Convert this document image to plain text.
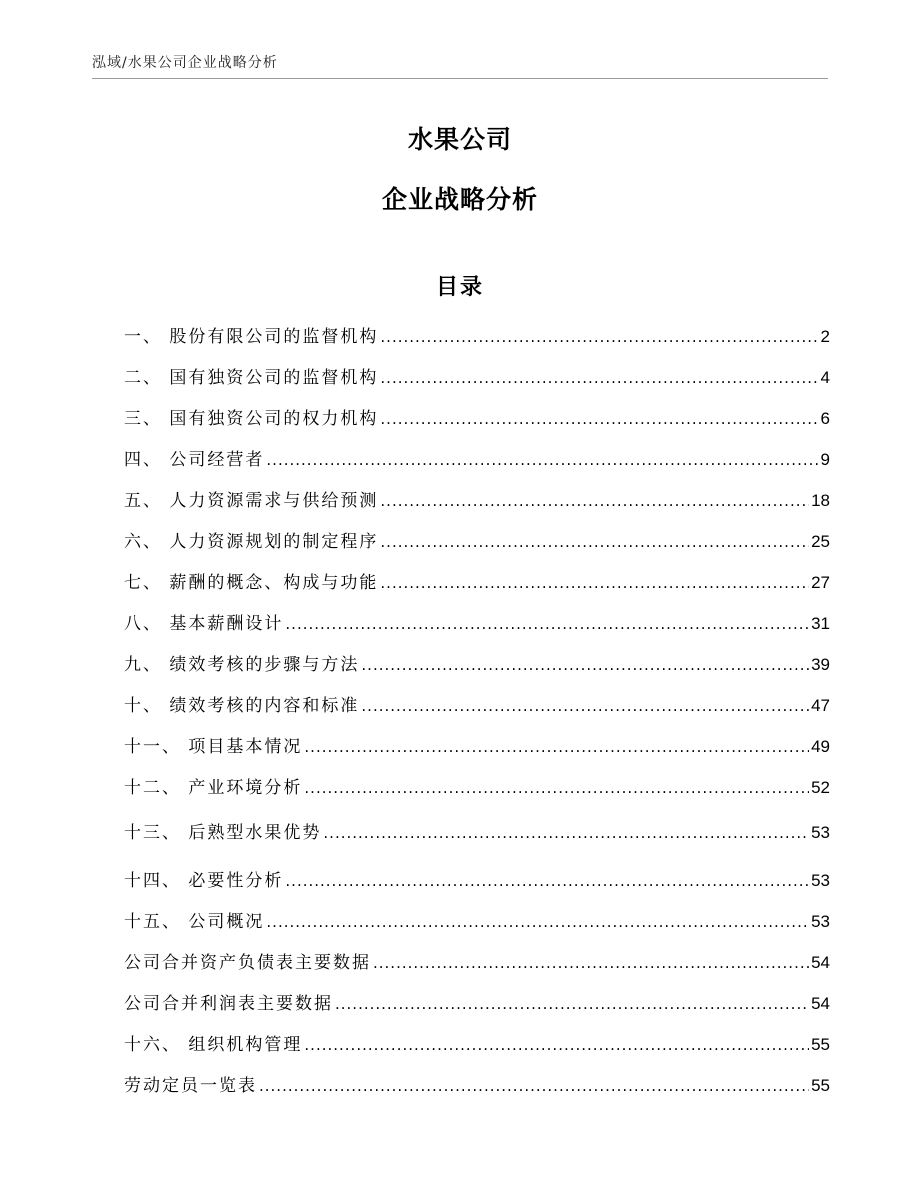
泓域/水果公司企业战略分析
水果公司
企业战略分析
目录
一、 股份有限公司的监督机构 .....	2
二、 国有独资公司的监督机构 .....	4
三、 国有独资公司的权力机构 .....	6
四、 公司经营者 .....	9
五、 人力资源需求与供给预测 .....	18
六、 人力资源规划的制定程序 .....	25
七、 薪酬的概念、构成与功能 .....	27
八、 基本薪酬设计 .....	31
九、 绩效考核的步骤与方法 .....	39
十、 绩效考核的内容和标准 .....	47
十一、 项目基本情况 .....	49
十二、 产业环境分析 .....	52
十三、 后熟型水果优势 .....	53
十四、 必要性分析 .....	53
十五、 公司概况 .....	53
公司合并资产负债表主要数据 .....	54
公司合并利润表主要数据 .....	54
十六、 组织机构管理 .....	55
劳动定员一览表 .....	55
